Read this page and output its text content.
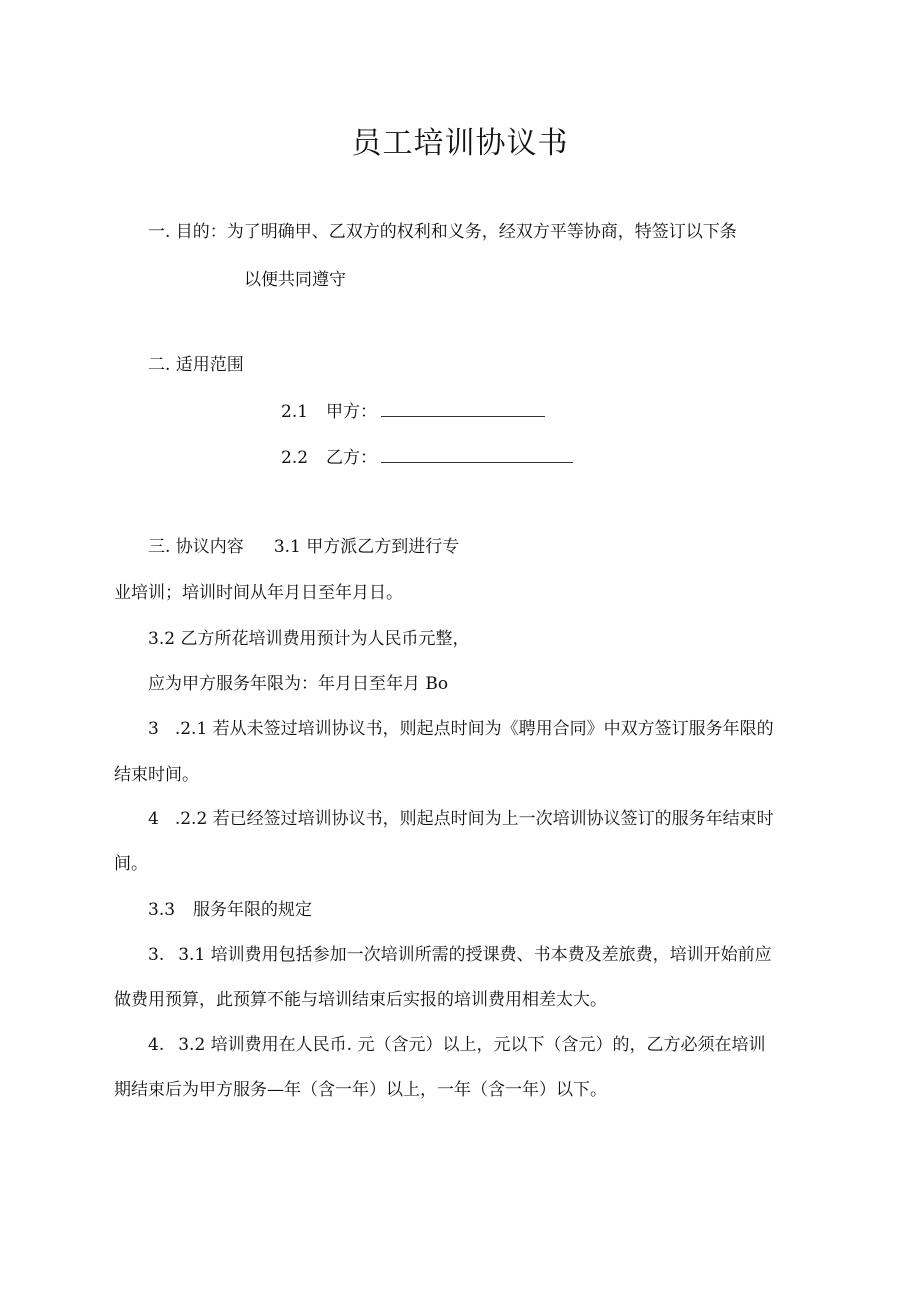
员工培训协议书
一. 目的：为了明确甲、乙双方的权利和义务，经双方平等协商，特签订以下条
以便共同遵守
二. 适用范围
2.1 甲方：
2.2 乙方：
三. 协议内容 3.1 甲方派乙方到进行专
业培训；培训时间从年月日至年月日。
3.2 乙方所花培训费用预计为人民币元整，
应为甲方服务年限为：年月日至年月 Bo
3 .2.1 若从未签过培训协议书，则起点时间为《聘用合同》中双方签订服务年限的
结束时间。
4 .2.2 若已经签过培训协议书，则起点时间为上一次培训协议签订的服务年结束时
间。
3.3 服务年限的规定
3. 3.1 培训费用包括参加一次培训所需的授课费、书本费及差旅费，培训开始前应
做费用预算，此预算不能与培训结束后实报的培训费用相差太大。
4. 3.2 培训费用在人民币. 元（含元）以上，元以下（含元）的，乙方必须在培训
期结束后为甲方服务—年（含一年）以上，一年（含一年）以下。
